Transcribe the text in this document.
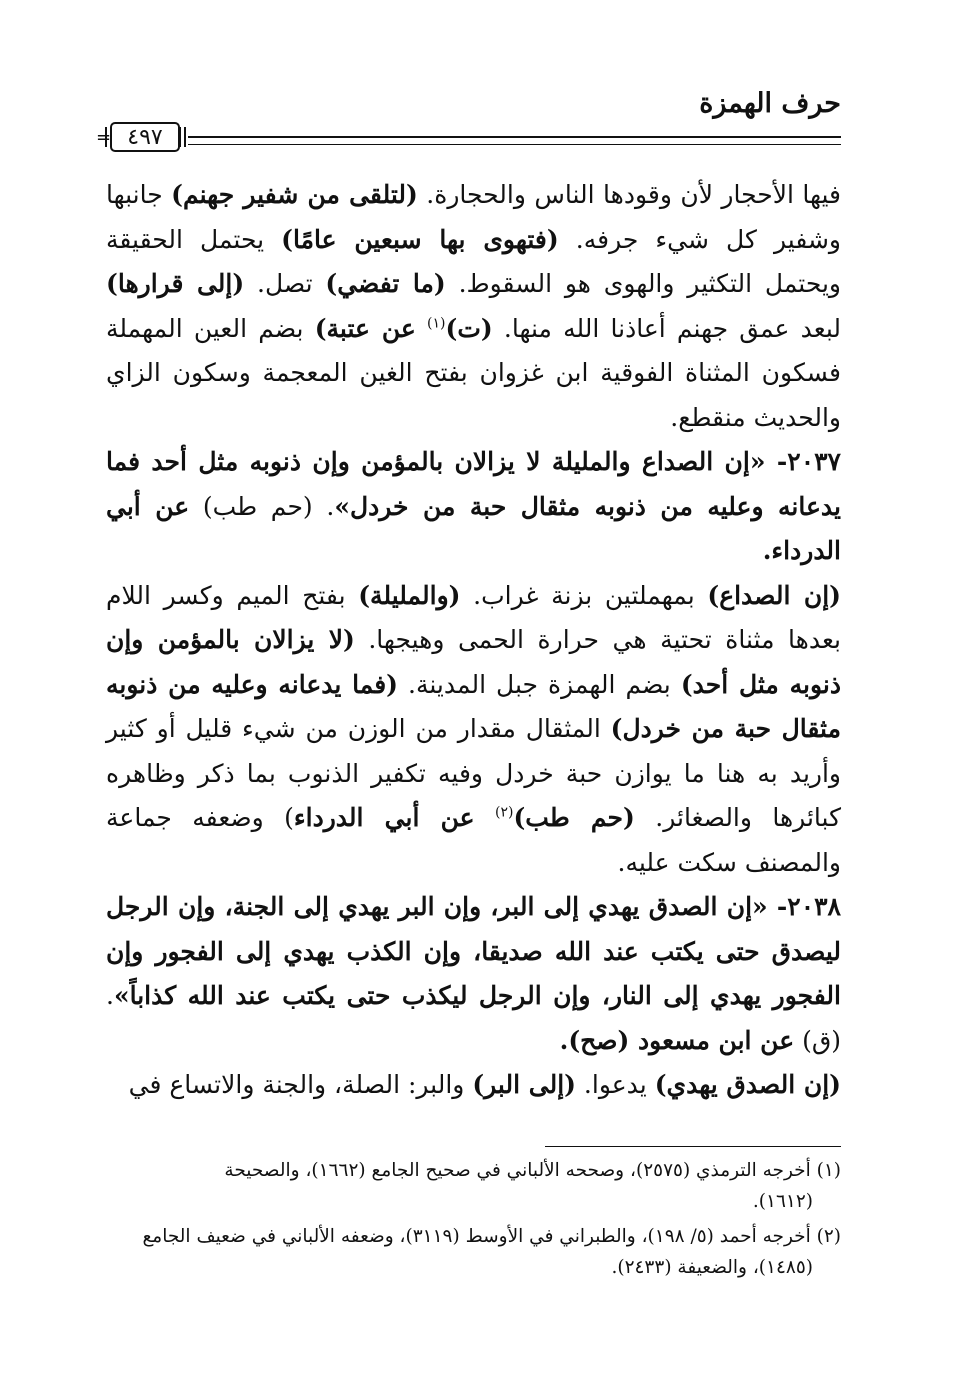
حرف الهمزة
= ٤٩٧

فيها الأحجار لأن وقودها الناس والحجارة. (لتلقى من شفير جهنم) جانبها وشفير كل شيء جرفه. (فتهوى بها سبعين عامًا) يحتمل الحقيقة ويحتمل التكثير والهوى هو السقوط. (ما تفضي) تصل. (إلى قرارها) لبعد عمق جهنم أعاذنا الله منها. (ت)$^{(١)}$ عن عتبة) بضم العين المهملة فسكون المثناة الفوقية ابن غزوان بفتح الغين المعجمة وسكون الزاي والحديث منقطع.

٢٠٣٧- «إن الصداع والمليلة لا يزالان بالمؤمن وإن ذنوبه مثل أحد فما يدعانه وعليه من ذنوبه مثقال حبة من خردل». (حم طب) عن أبي الدرداء.

(إن الصداع) بمهملتين بزنة غراب. (والمليلة) بفتح الميم وكسر اللام بعدها مثناة تحتية هي حرارة الحمى وهيجها. (لا يزالان بالمؤمن وإن ذنوبه مثل أحد) بضم الهمزة جبل المدينة. (فما يدعانه وعليه من ذنوبه مثقال حبة من خردل) المثقال مقدار من الوزن من شيء قليل أو كثير وأريد به هنا ما يوازن حبة خردل وفيه تكفير الذنوب بما ذكر وظاهره كبائرها والصغائر. (حم طب)$^{(٢)}$ عن أبي الدرداء) وضعفه جماعة والمصنف سكت عليه.

٢٠٣٨- «إن الصدق يهدي إلى البر، وإن البر يهدي إلى الجنة، وإن الرجل ليصدق حتى يكتب عند الله صديقا، وإن الكذب يهدي إلى الفجور وإن الفجور يهدي إلى النار، وإن الرجل ليكذب حتى يكتب عند الله كذاباً». (ق) عن ابن مسعود (صح).

(إن الصدق يهدي) يدعوا. (إلى البر) والبر: الصلة، والجنة والاتساع في

(١) أخرجه الترمذي (٢٥٧٥)، وصححه الألباني في صحيح الجامع (١٦٦٢)، والصحيحة
(١٦١٢).

(٢) أخرجه أحمد (٥/ ١٩٨)، والطبراني في الأوسط (٣١١٩)، وضعفه الألباني في ضعيف الجامع
(١٤٨٥)، والضعيفة (٢٤٣٣).
